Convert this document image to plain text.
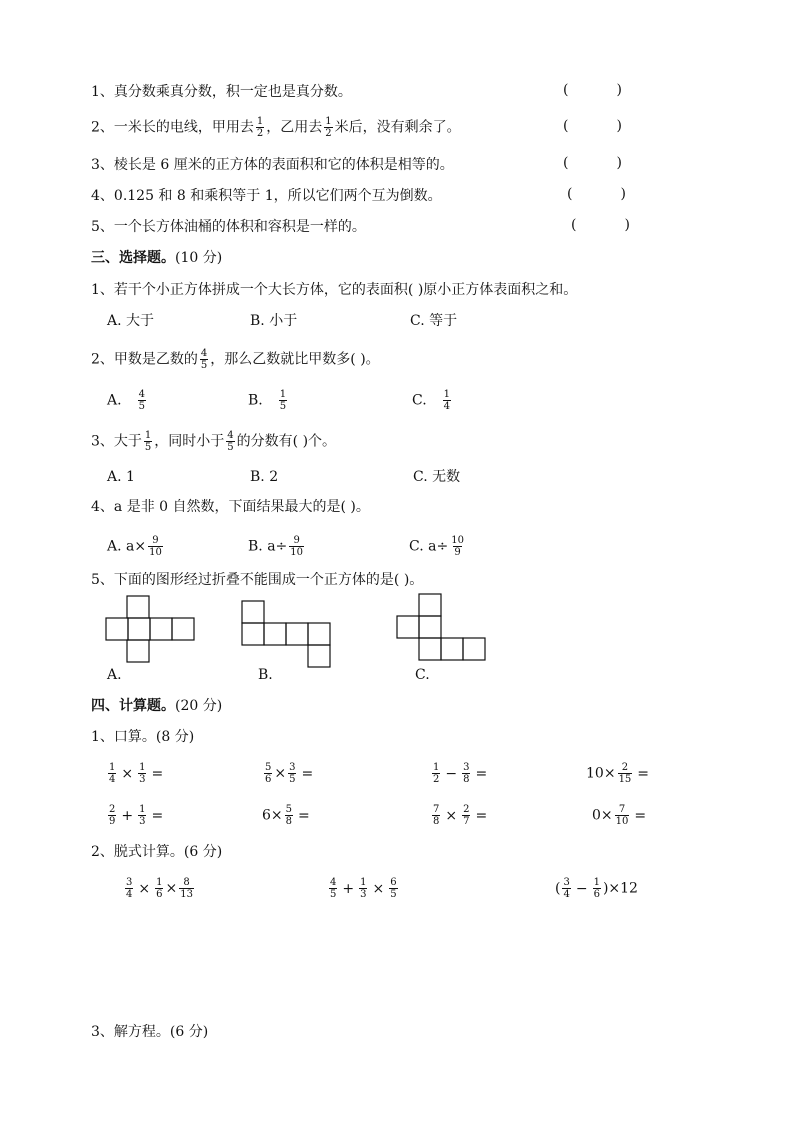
1、真分数乘真分数，积一定也是真分数。	(	)
2、一米长的电线，甲用去 $\frac{1}{2}$ ，乙用去 $\frac{1}{2}$ 米后，没有剩余了。	(	)
3、棱长是 6 厘米的正方体的表面积和它的体积是相等的。	(	)
4、0.125 和 8 和乘积等于 1，所以它们两个互为倒数。	(	)
5、一个长方体油桶的体积和容积是一样的。	(	)
三、选择题。(10 分)
1、若干个小正方体拼成一个大长方体，它的表面积( )原小正方体表面积之和。
A. 大于	B. 小于	C. 等于
2、甲数是乙数的 $\frac{4}{5}$ ，那么乙数就比甲数多( )。
A. $\frac{4}{5}$	B. $\frac{1}{5}$	C. $\frac{1}{4}$
3、大于 $\frac{1}{5}$ ，同时小于 $\frac{4}{5}$ 的分数有( )个。
A. 1	B. 2	C. 无数
4、a 是非 0 自然数，下面结果最大的是( )。
A. $a\times \frac{9}{10}$	B. $a\div \frac{9}{10}$	C. $a\div \frac{10}{9}$
5、下面的图形经过折叠不能围成一个正方体的是( )。
A.	B.	C.
四、计算题。(20 分)
1、口算。(8 分)
$\frac{1}{4} \times \frac{1}{3}$ =	$\frac{5}{6} \times \frac{3}{5}$ =	$\frac{1}{2} - \frac{3}{8}$ =	$10\times \frac{2}{15}$ =
$\frac{2}{9} + \frac{1}{3}$ =	$6\times \frac{5}{8}$ =	$\frac{7}{8} \times \frac{2}{7}$ =	$0\times \frac{7}{10}$ =
2、脱式计算。(6 分)
$\frac{3}{4} \times \frac{1}{6} \times \frac{8}{13}$	$\frac{4}{5} + \frac{1}{3} \times \frac{6}{5}$	( $\frac{3}{4} - \frac{1}{6} )\times 12$
3、解方程。(6 分)
